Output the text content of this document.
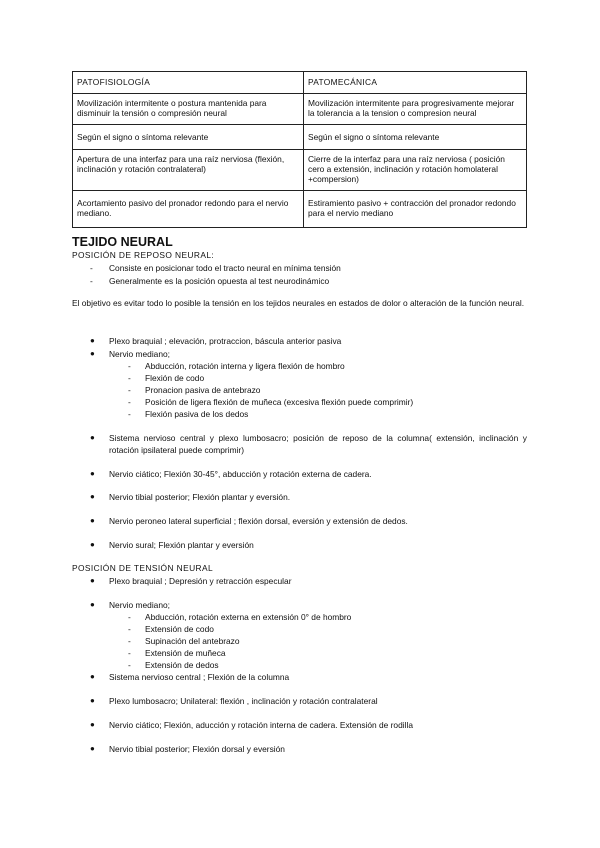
PATOFISIOLOGÍA	PATOMECÁNICA
Movilización intermitente o postura mantenida para disminuir la tensión o compresión neural	Movilización intermitente para progresivamente mejorar la tolerancia a la tension o compresion neural
Según el signo o síntoma relevante	Según el signo o síntoma relevante
Apertura de una interfaz para una raíz nerviosa (flexión, inclinación y rotación contralateral)	Cierre de la interfaz para una raíz nerviosa ( posición cero a extensión, inclinación y rotación homolateral +compersion)
Acortamiento pasivo del pronador redondo para el nervio mediano.	Estiramiento pasivo + contracción del pronador redondo para el nervio mediano
TEJIDO NEURAL

POSICIÓN DE REPOSO NEURAL:

-	Consiste en posicionar todo el tracto neural en mínima tensión
-	Generalmente es la posición opuesta al test neurodinámico

El objetivo es evitar todo lo posible la tensión en los tejidos neurales en estados de dolor o alteración de la función neural.

● Plexo braquial ; elevación, protraccion, báscula anterior pasiva
● Nervio mediano;
- Abducción, rotación interna y ligera flexión de hombro
- Flexión de codo
- Pronacion pasiva de antebrazo
- Posición de ligera flexión de muñeca (excesiva flexión puede comprimir)
- Flexión pasiva de los dedos
● Sistema nervioso central y plexo lumbosacro; posición de reposo de la columna( extensión, inclinación y rotación ipsilateral puede comprimir)
● Nervio ciático; Flexión 30-45°, abducción y rotación externa de cadera.
● Nervio tibial posterior; Flexión plantar y eversión.
● Nervio peroneo lateral superficial ; flexión dorsal, eversión y extensión de dedos.
● Nervio sural; Flexión plantar y eversión

POSICIÓN DE TENSIÓN NEURAL

● Plexo braquial ; Depresión y retracción especular
● Nervio mediano;
- Abducción, rotación externa en extensión 0° de hombro
- Extensión de codo
- Supinación del antebrazo
- Extensión de muñeca
- Extensión de dedos
● Sistema nervioso central ; Flexión de la columna
● Plexo lumbosacro; Unilateral: flexión , inclinación y rotación contralateral
● Nervio ciático; Flexión, aducción y rotación interna de cadera. Extensión de rodilla
● Nervio tibial posterior; Flexión dorsal y eversión
